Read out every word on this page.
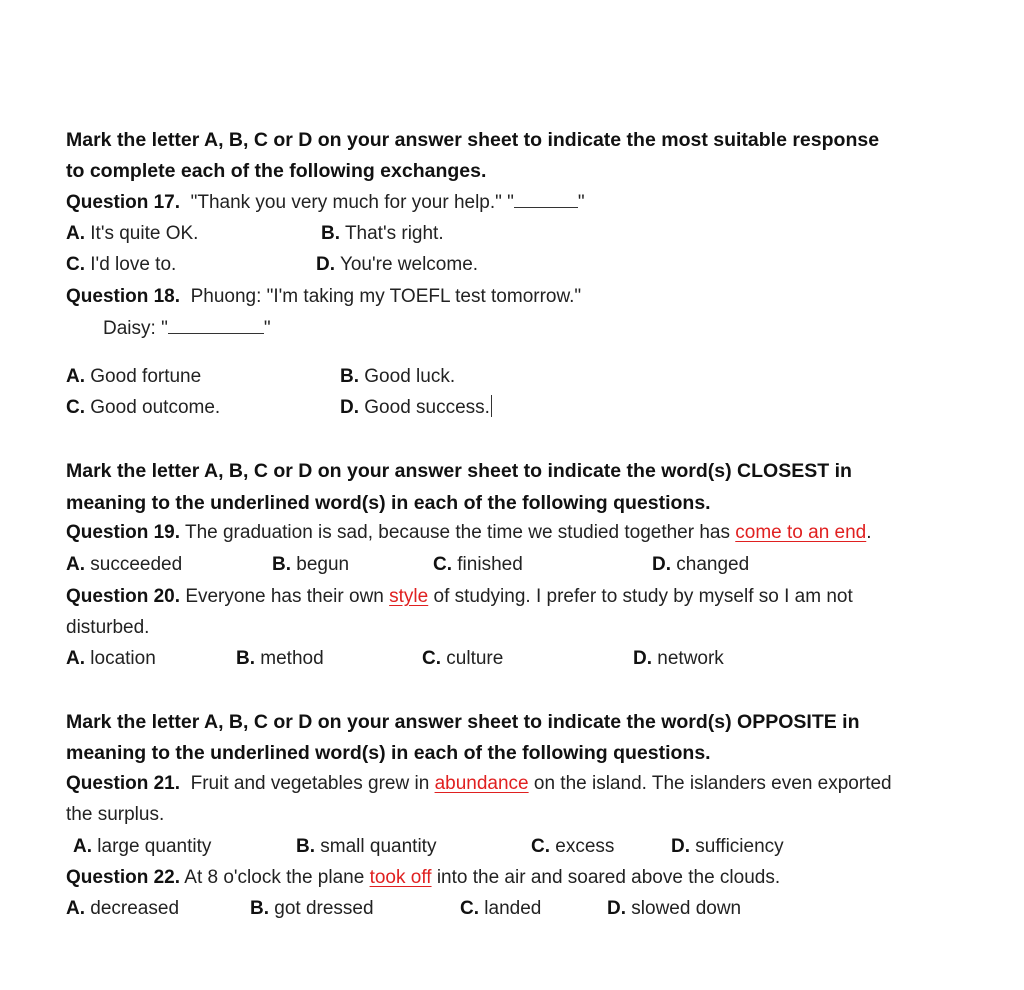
Mark the letter A, B, C or D on your answer sheet to indicate the most suitable response
to complete each of the following exchanges.
Question 17. "Thank you very much for your help." "	"
A. It's quite OK.	B. That's right.
C. I'd love to.	D. You're welcome.
Question 18. Phuong: "I'm taking my TOEFL test tomorrow."
Daisy: "	"
A. Good fortune	B. Good luck.
C. Good outcome.	D. Good success.
Mark the letter A, B, C or D on your answer sheet to indicate the word(s) CLOSEST in
meaning to the underlined word(s) in each of the following questions.
Question 19. The graduation is sad, because the time we studied together has come to an end.
A. succeeded	B. begun	C. finished	D. changed
Question 20. Everyone has their own style of studying. I prefer to study by myself so I am not
disturbed.
A. location	B. method	C. culture	D. network
Mark the letter A, B, C or D on your answer sheet to indicate the word(s) OPPOSITE in
meaning to the underlined word(s) in each of the following questions.
Question 21. Fruit and vegetables grew in abundance on the island. The islanders even exported
the surplus.
A. large quantity	B. small quantity	C. excess	D. sufficiency
Question 22. At 8 o'clock the plane took off into the air and soared above the clouds.
A. decreased	B. got dressed	C. landed	D. slowed down
